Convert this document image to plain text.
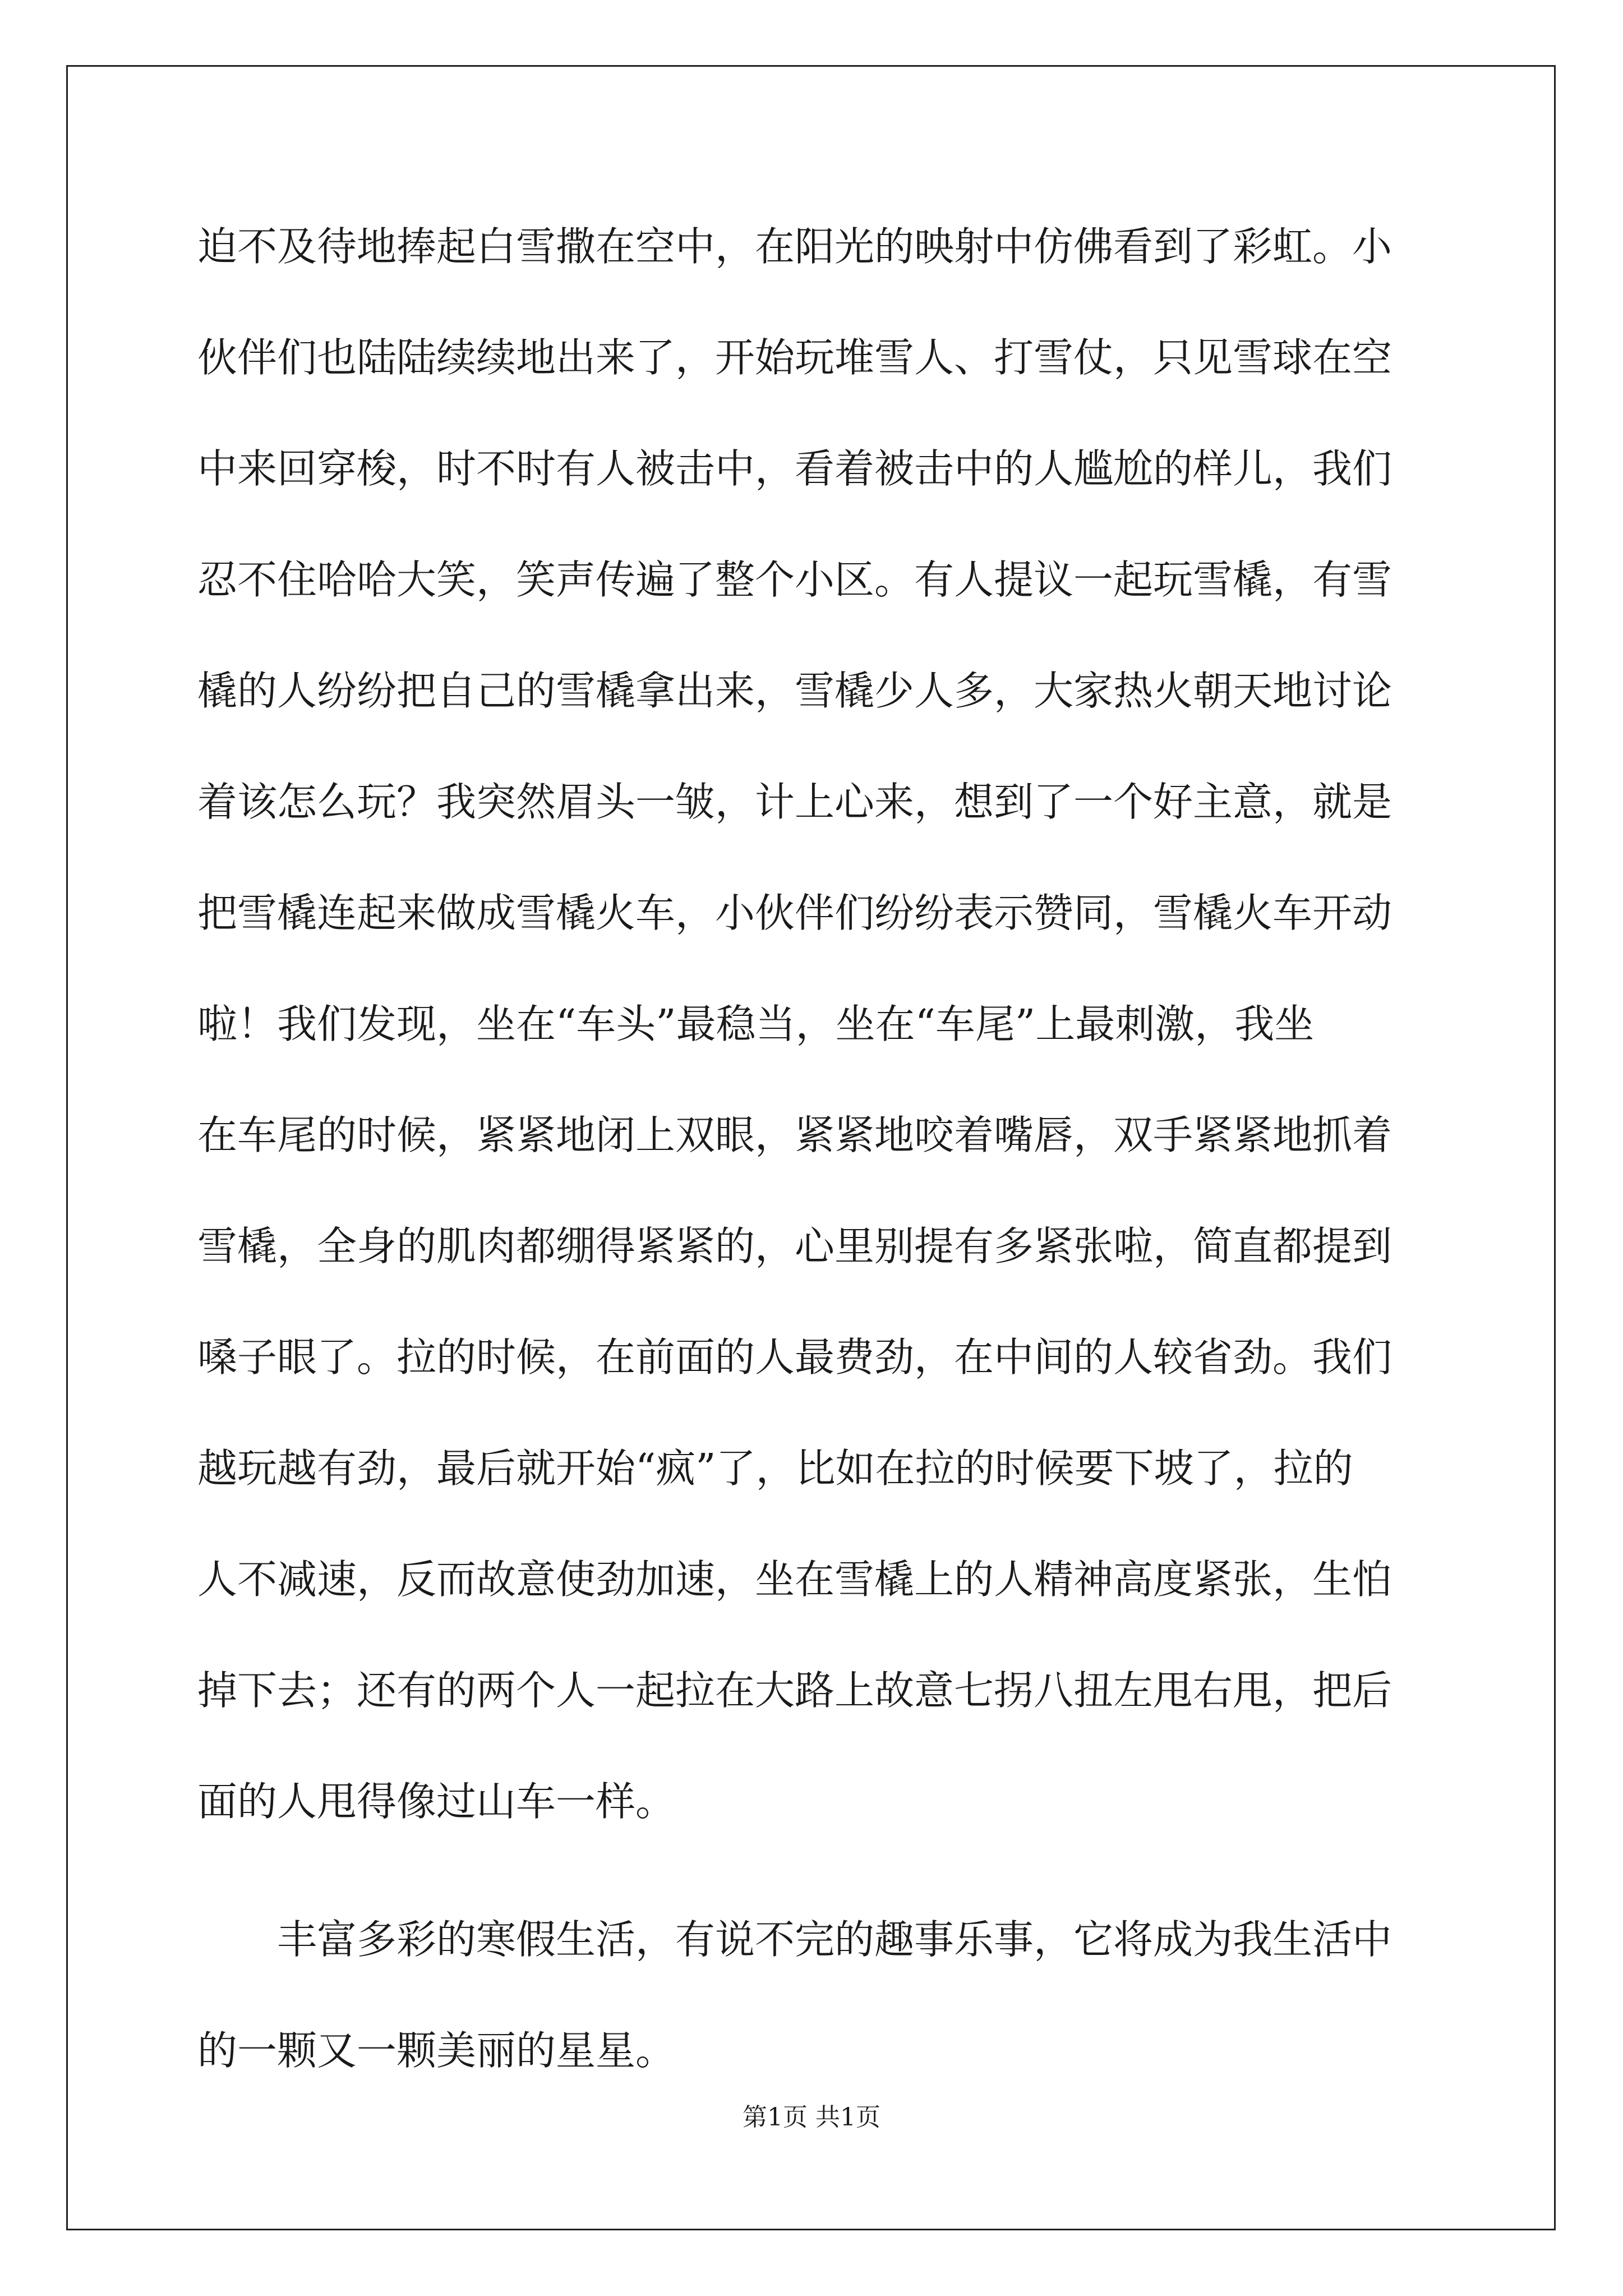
迫不及待地捧起白雪撒在空中，在阳光的映射中仿佛看到了彩虹。小
伙伴们也陆陆续续地出来了，开始玩堆雪人、打雪仗，只见雪球在空
中来回穿梭，时不时有人被击中，看着被击中的人尴尬的样儿，我们
忍不住哈哈大笑，笑声传遍了整个小区。有人提议一起玩雪橇，有雪
橇的人纷纷把自己的雪橇拿出来，雪橇少人多，大家热火朝天地讨论
着该怎么玩？我突然眉头一皱，计上心来，想到了一个好主意，就是
把雪橇连起来做成雪橇火车，小伙伴们纷纷表示赞同，雪橇火车开动
啦！我们发现，坐在“车头”最稳当，坐在“车尾”上最刺激，我坐
在车尾的时候，紧紧地闭上双眼，紧紧地咬着嘴唇，双手紧紧地抓着
雪橇，全身的肌肉都绷得紧紧的，心里别提有多紧张啦，简直都提到
嗓子眼了。拉的时候，在前面的人最费劲，在中间的人较省劲。我们
越玩越有劲，最后就开始“疯”了，比如在拉的时候要下坡了，拉的
人不减速，反而故意使劲加速，坐在雪橇上的人精神高度紧张，生怕
掉下去；还有的两个人一起拉在大路上故意七拐八扭左甩右甩，把后
面的人甩得像过山车一样。
丰富多彩的寒假生活，有说不完的趣事乐事，它将成为我生活中
的一颗又一颗美丽的星星。
第1页 共1页
